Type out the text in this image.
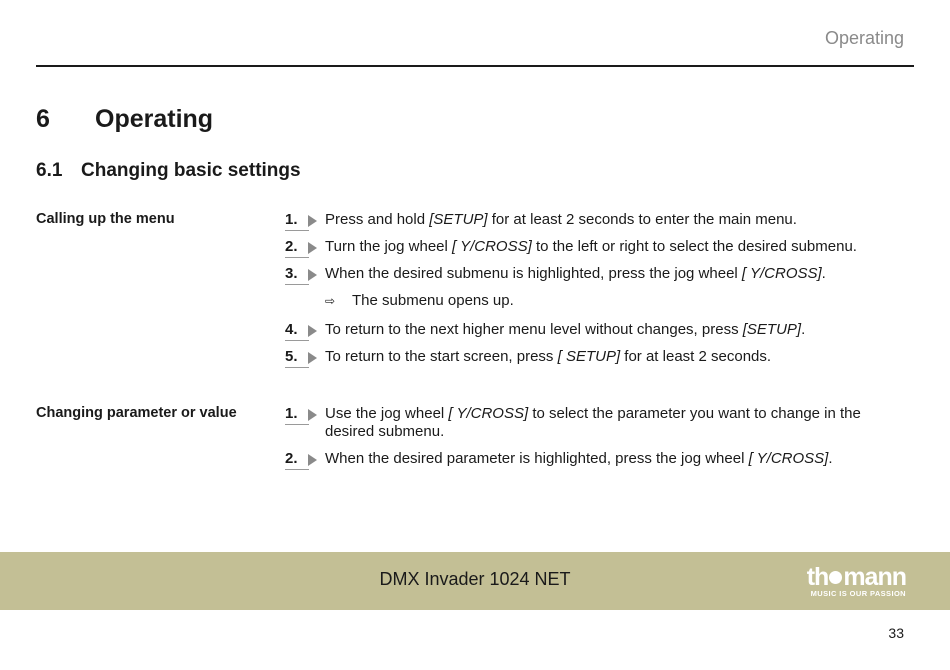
Operating
6 Operating
6.1 Changing basic settings
Calling up the menu	1.	Press and hold [SETUP] for at least 2 seconds to enter the main menu.
2.	Turn the jog wheel [ Y/CROSS] to the left or right to select the desired submenu.
3.	When the desired submenu is highlighted, press the jog wheel [ Y/CROSS].
⇨ The submenu opens up.
4.	To return to the next higher menu level without changes, press [SETUP].
5.	To return to the start screen, press [ SETUP] for at least 2 seconds.
Changing parameter or value	1.	Use the jog wheel [ Y/CROSS] to select the parameter you want to change in the desired submenu.
2.	When the desired parameter is highlighted, press the jog wheel [ Y/CROSS].
DMX Invader 1024 NET	th mann
MUSIC IS OUR PASSION
33
